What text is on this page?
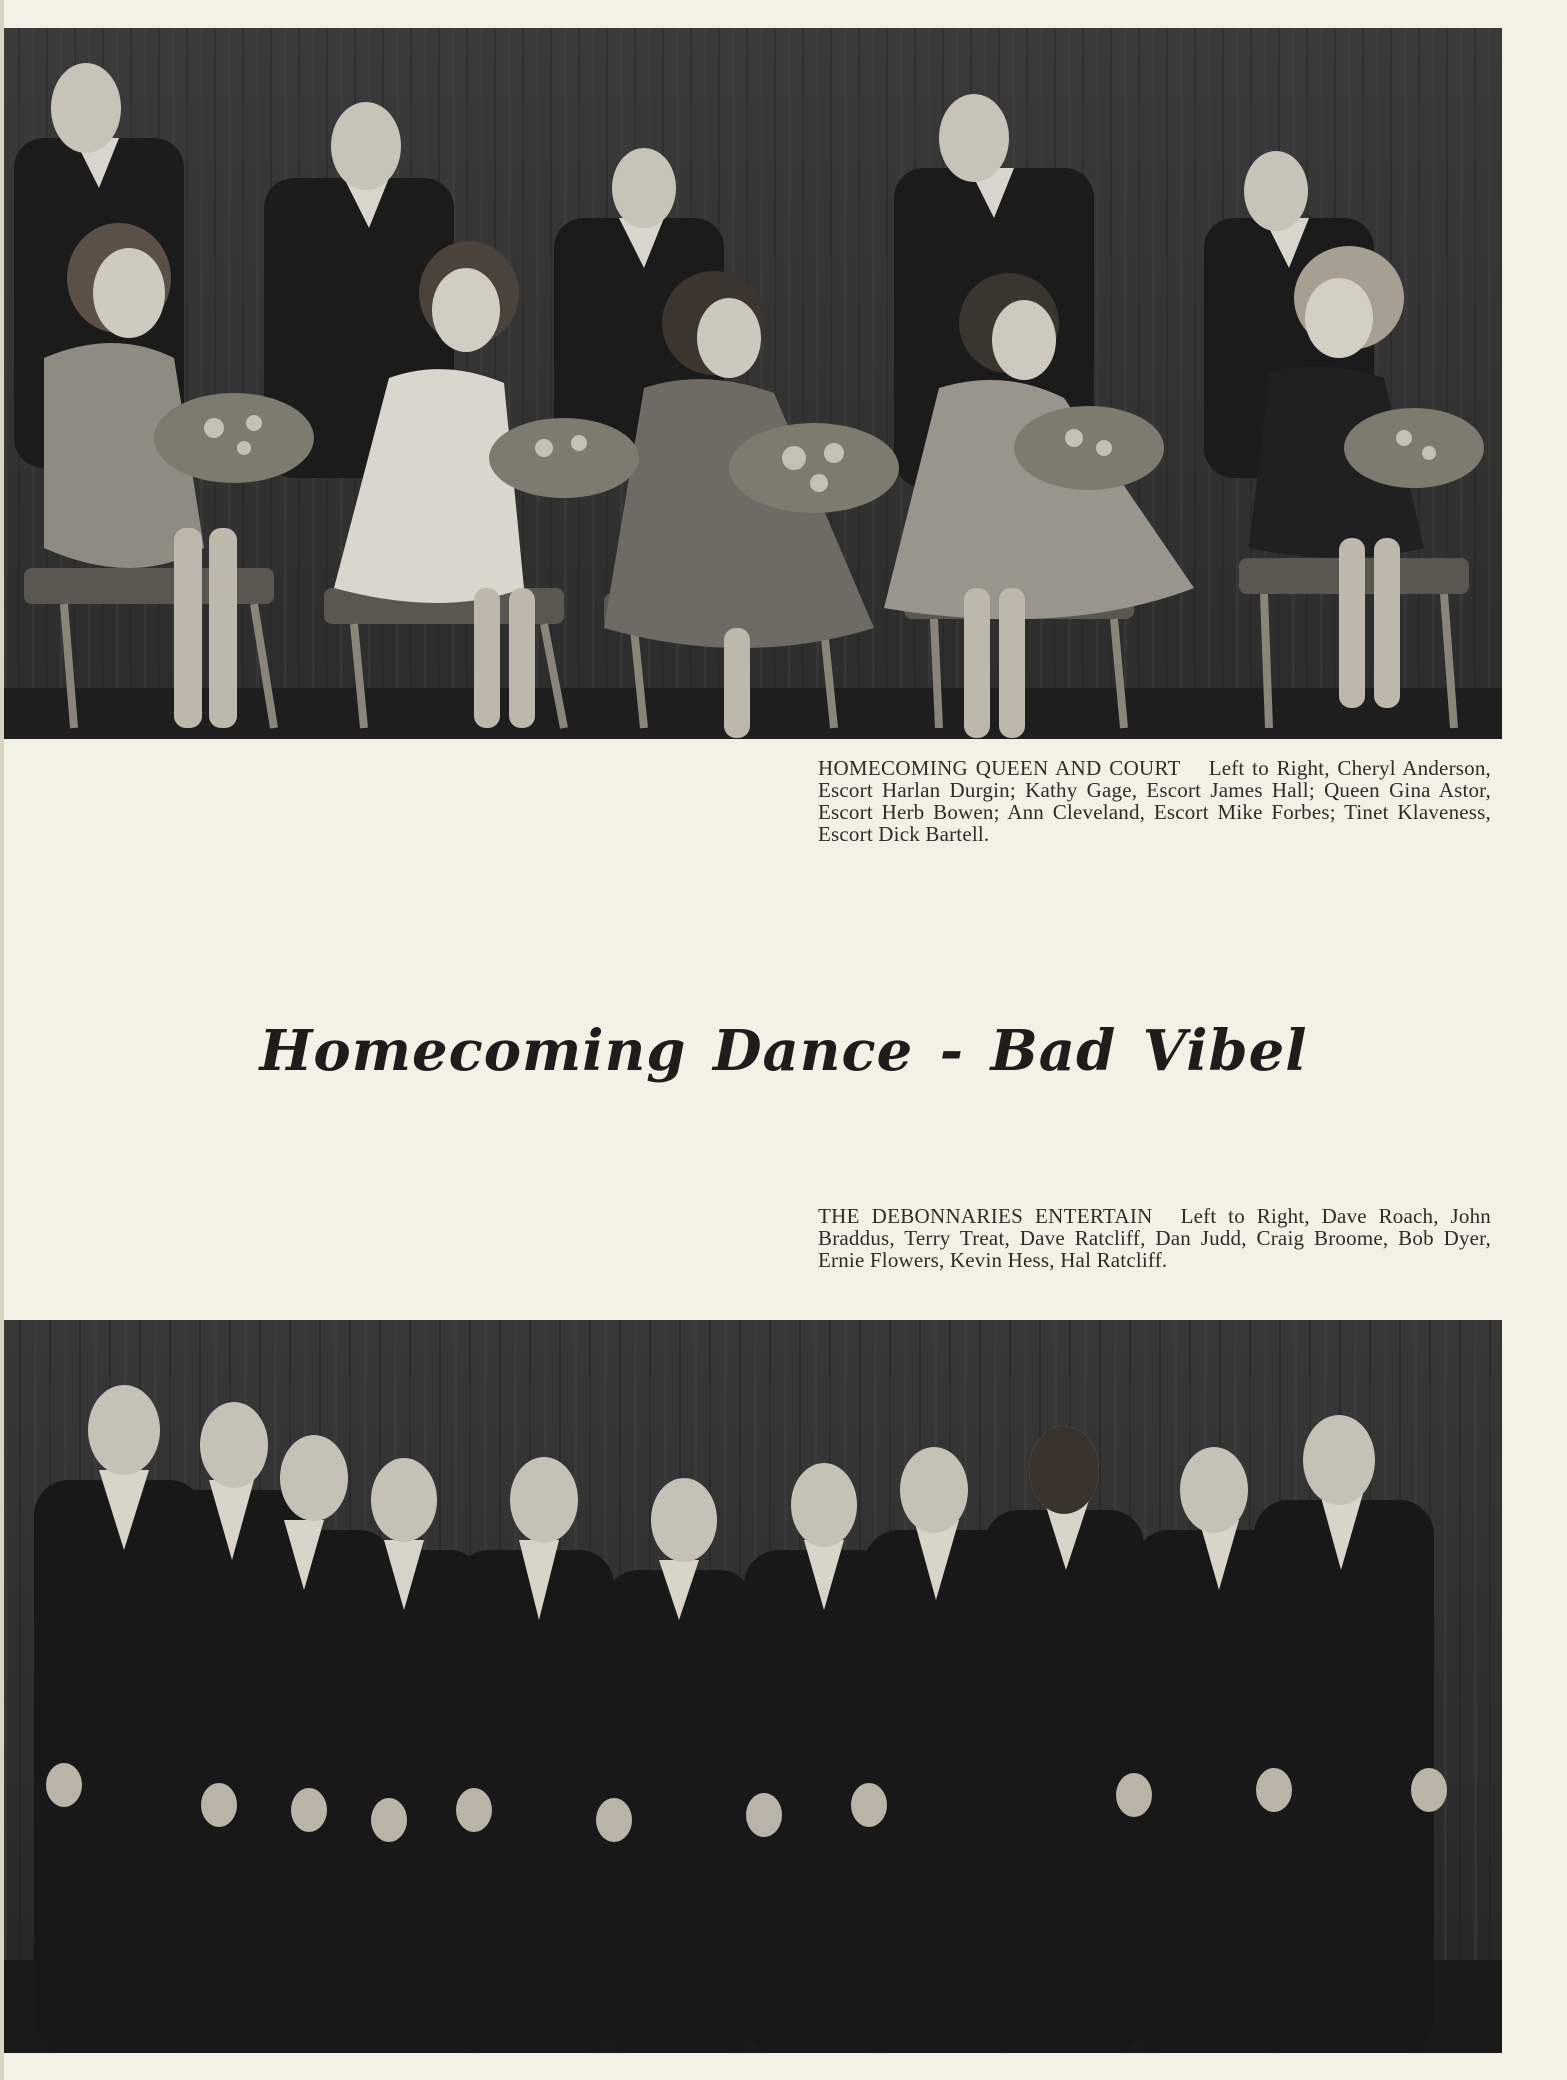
HOMECOMING QUEEN AND COURT Left to Right, Cheryl Anderson, Escort Harlan Durgin; Kathy Gage, Escort James Hall; Queen Gina Astor, Escort Herb Bowen; Ann Cleveland, Escort Mike Forbes; Tinet Klaveness, Escort Dick Bartell.
Homecoming Dance - Bad Vibel
THE DEBONNARIES ENTERTAIN Left to Right, Dave Roach, John Braddus, Terry Treat, Dave Ratcliff, Dan Judd, Craig Broome, Bob Dyer, Ernie Flowers, Kevin Hess, Hal Ratcliff.
